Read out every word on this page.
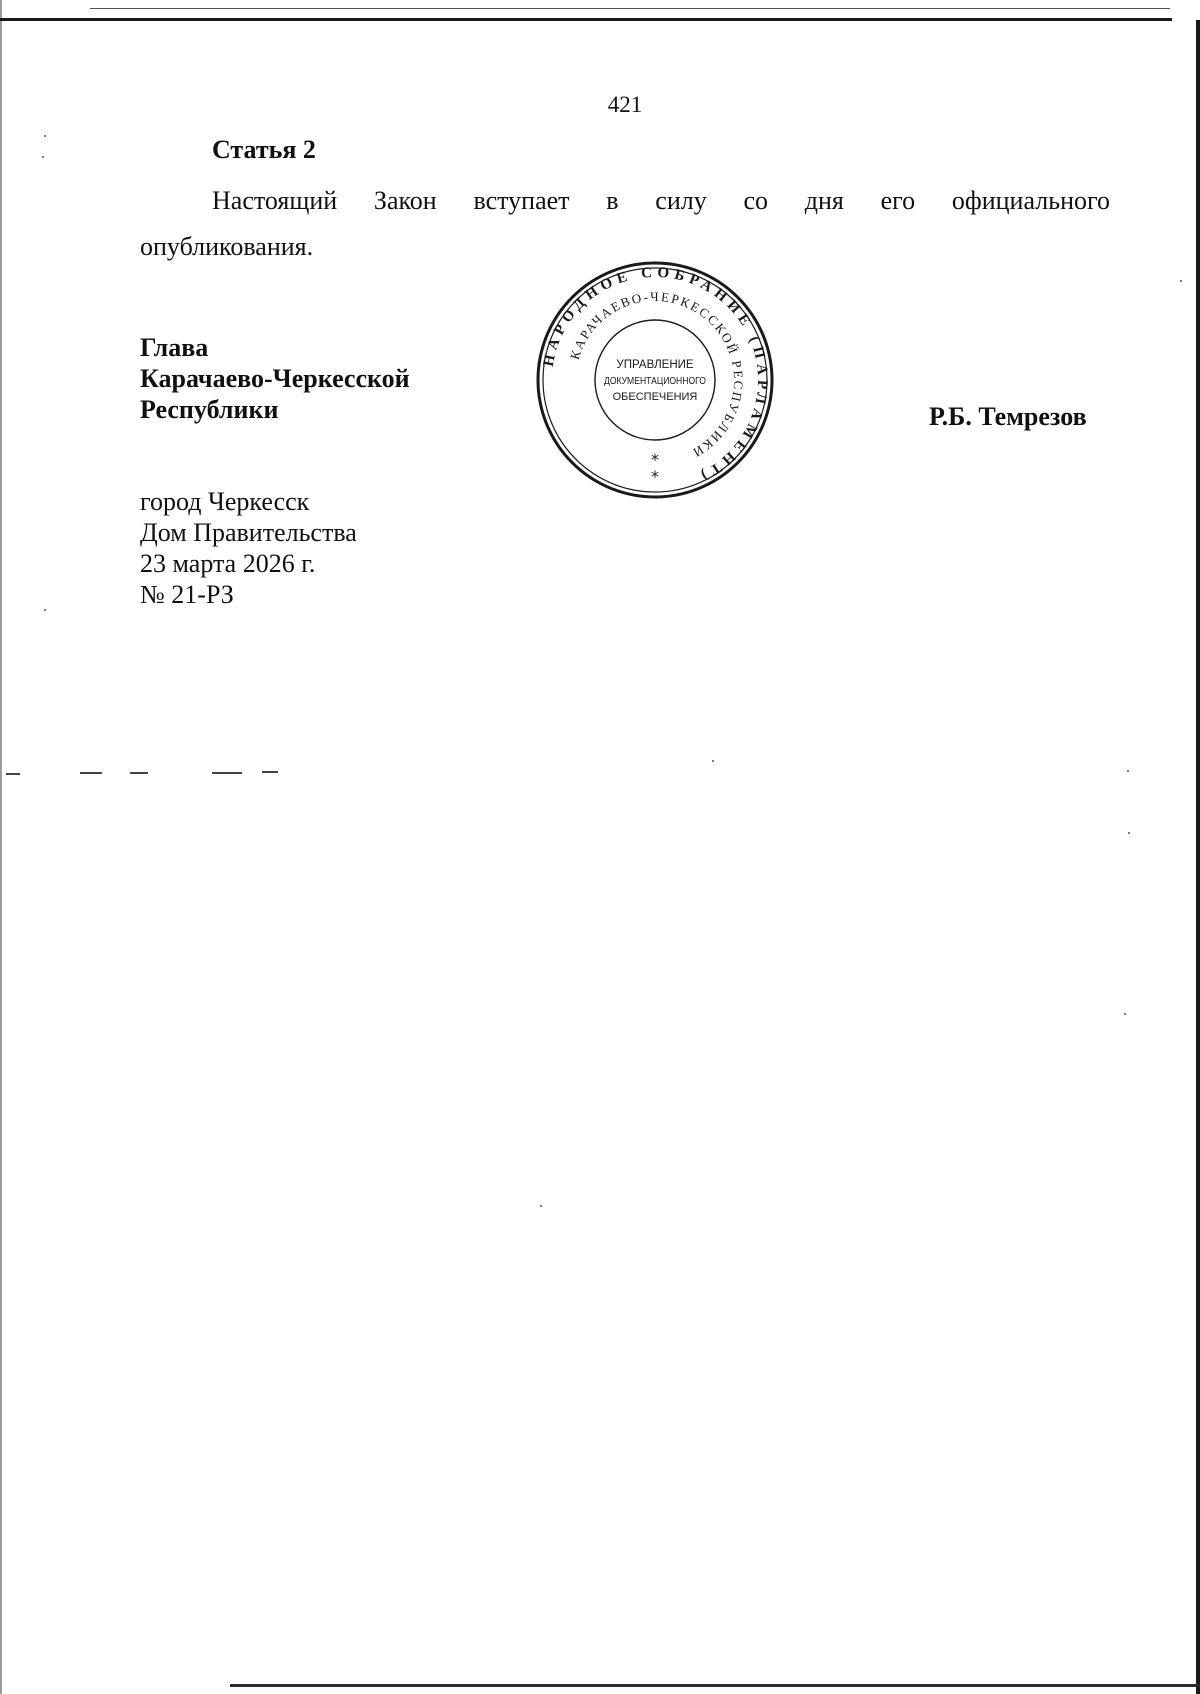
421
Статья 2
Настоящий Закон вступает в силу со дня его официального
опубликования.
Глава
Карачаево-Черкесской
Республики	Р.Б. Темрезов
город Черкесск
Дом Правительства
23 марта 2026 г.
№ 21-РЗ
НАРОДНОЕ СОБРАНИЕ (ПАРЛАМЕНТ)
КАРАЧАЕВО-ЧЕРКЕССКОЙ РЕСПУБЛИКИ
УПРАВЛЕНИЕ
ДОКУМЕНТАЦИОННОГО
ОБЕСПЕЧЕНИЯ
*
*
